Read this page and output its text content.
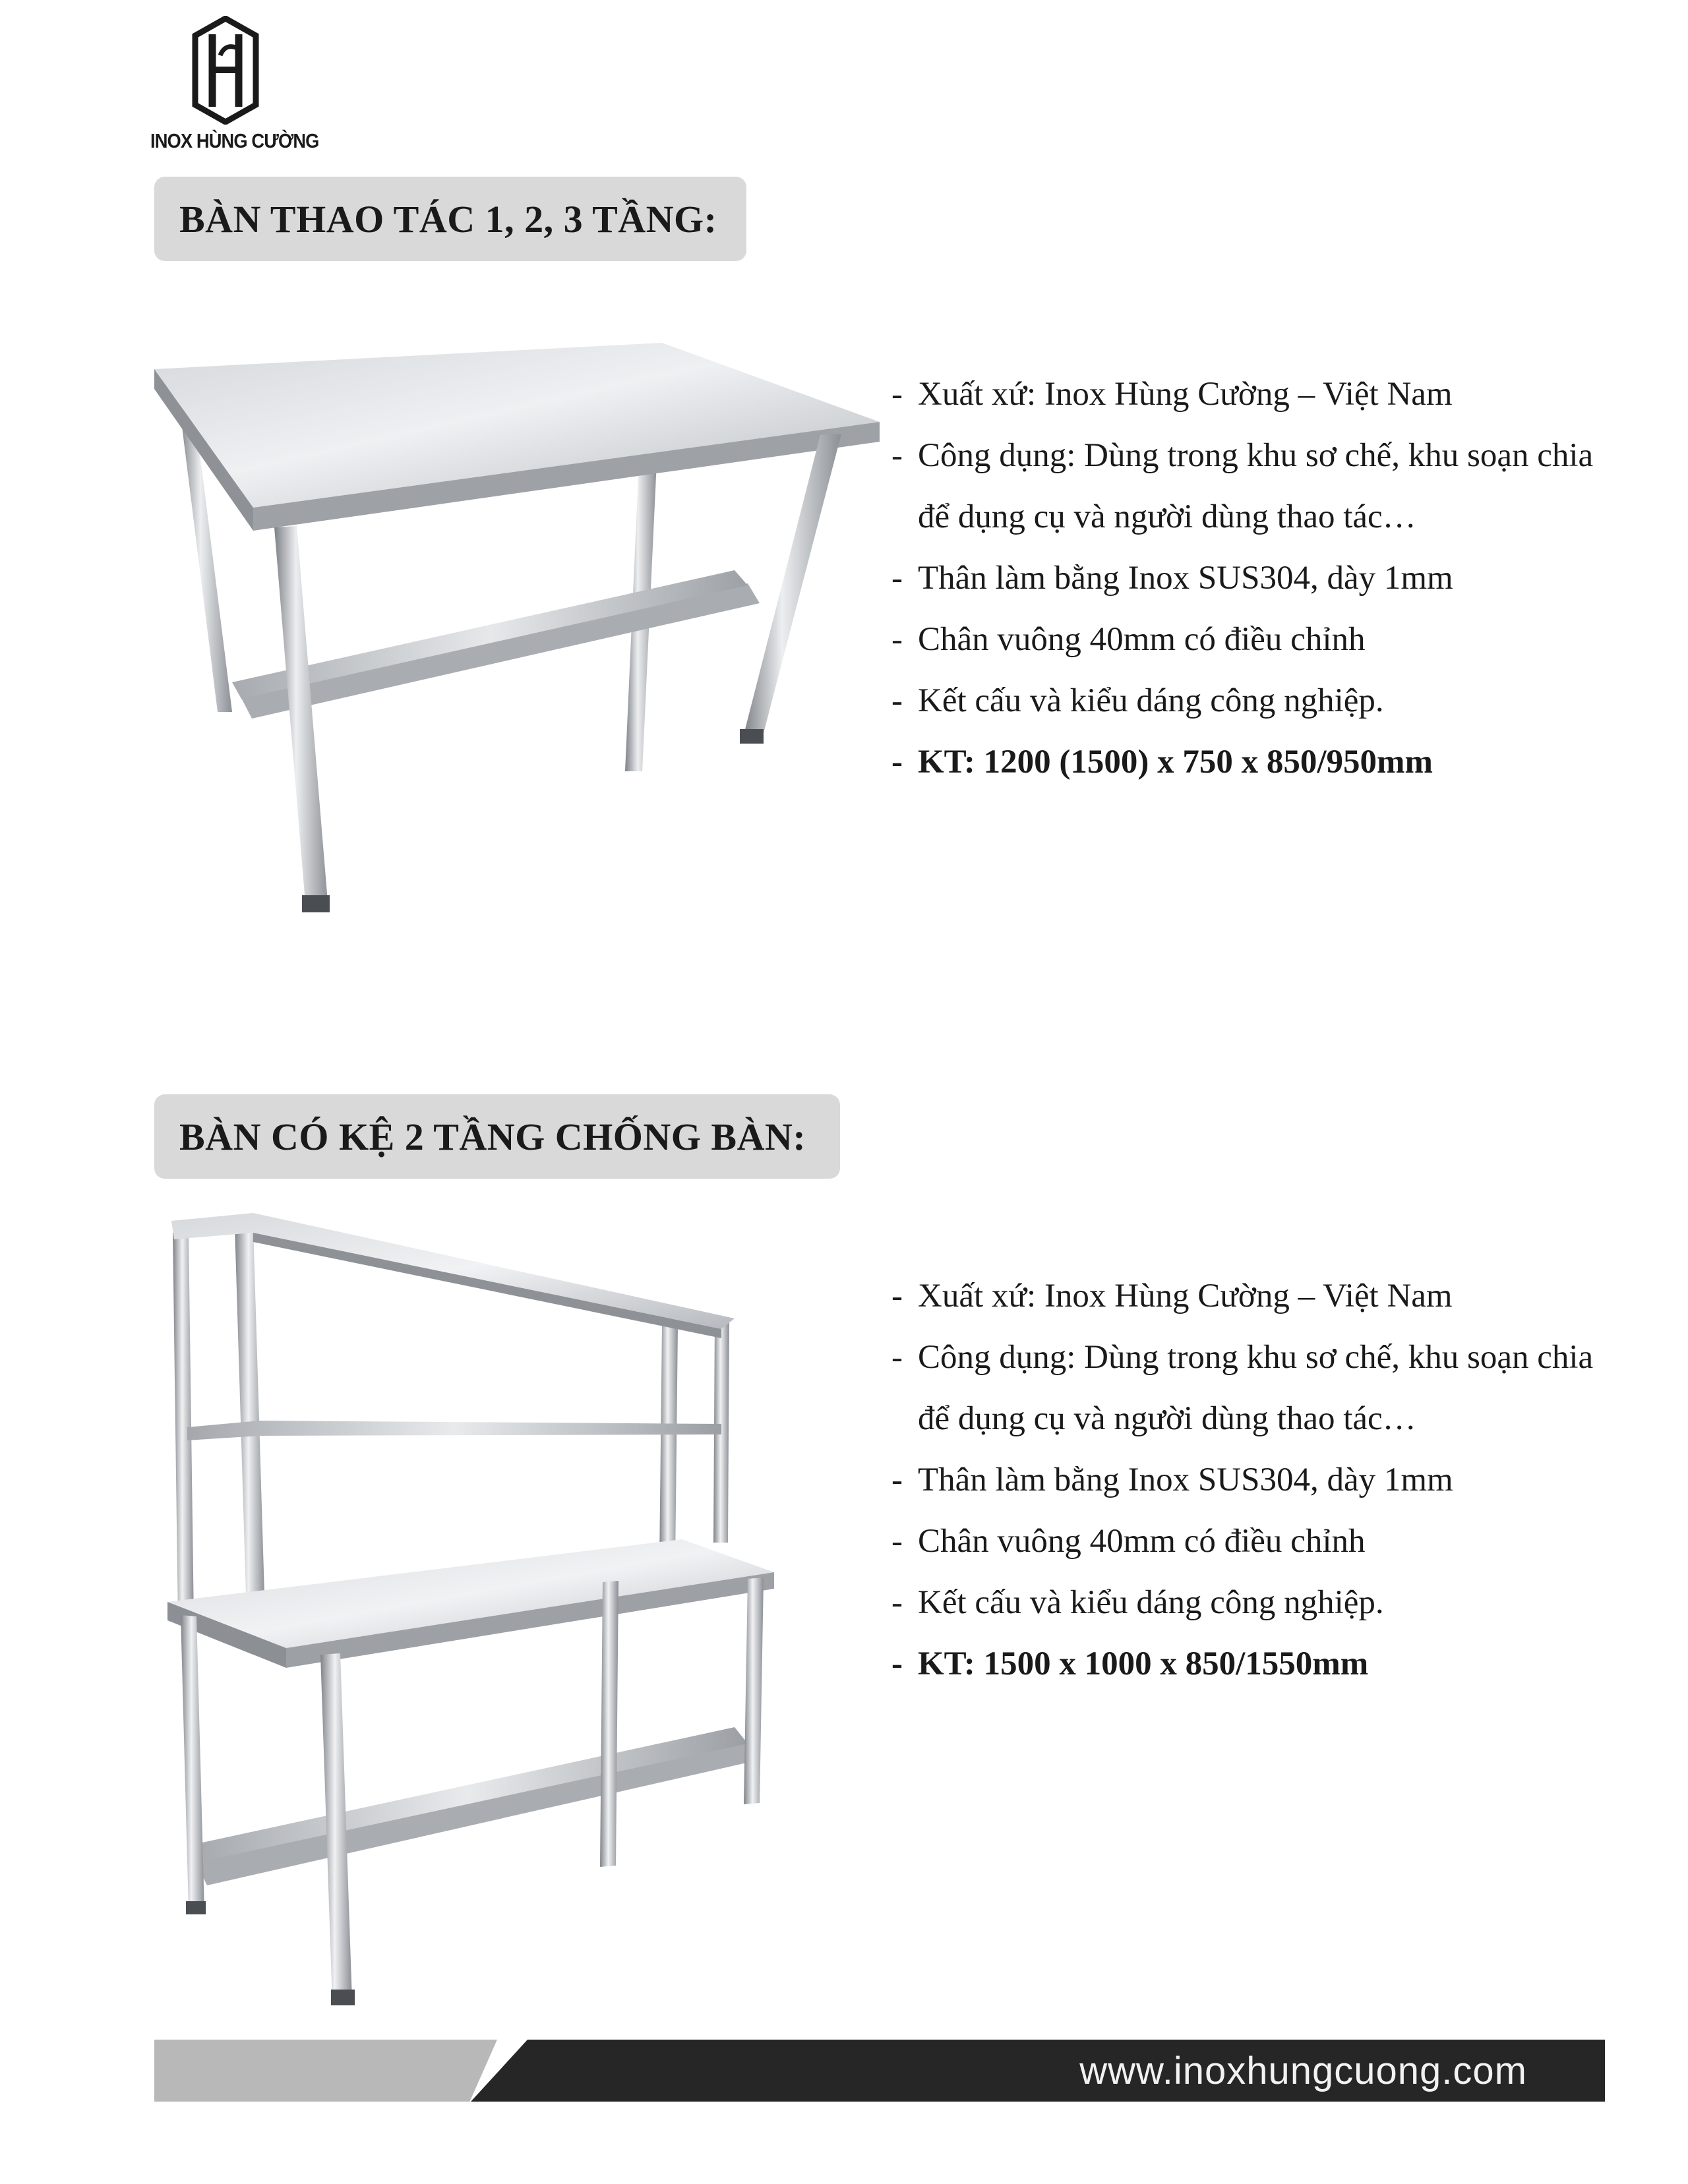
INOX HÙNG CƯỜNG
BÀN THAO TÁC 1, 2, 3 TẦNG:
- Xuất xứ: Inox Hùng Cường – Việt Nam
- Công dụng: Dùng trong khu sơ chế, khu soạn chia
để dụng cụ và người dùng thao tác…
- Thân làm bằng Inox SUS304, dày 1mm
- Chân vuông 40mm có điều chỉnh
- Kết cấu và kiểu dáng công nghiệp.
- KT: 1200 (1500) x 750 x 850/950mm
BÀN CÓ KỆ 2 TẦNG CHỐNG BÀN:
- Xuất xứ: Inox Hùng Cường – Việt Nam
- Công dụng: Dùng trong khu sơ chế, khu soạn chia
để dụng cụ và người dùng thao tác…
- Thân làm bằng Inox SUS304, dày 1mm
- Chân vuông 40mm có điều chỉnh
- Kết cấu và kiểu dáng công nghiệp.
- KT: 1500 x 1000 x 850/1550mm
www.inoxhungcuong.com
